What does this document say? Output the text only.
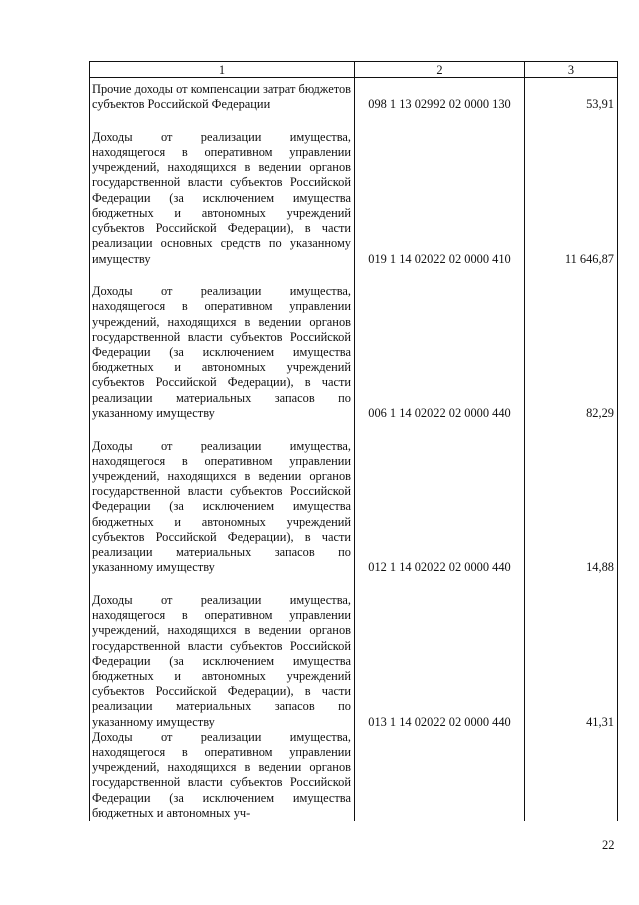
1	2	3
Прочие доходы от компенсации затрат бюджетов субъектов Российской Федерации	098 1 13 02992 02 0000 130	53,91
Доходы от реализации имущества, находящегося в оперативном управлении учреждений, находящихся в ведении органов государственной власти субъектов Российской Федерации (за исключением имущества бюджетных и автономных учреждений субъектов Российской Федерации), в части реализации основных средств по указанному имуществу	019 1 14 02022 02 0000 410	11 646,87
Доходы от реализации имущества, находящегося в оперативном управлении учреждений, находящихся в ведении органов государственной власти субъектов Российской Федерации (за исключением имущества бюджетных и автономных учреждений субъектов Российской Федерации), в части реализации материальных запасов по указанному имуществу	006 1 14 02022 02 0000 440	82,29
Доходы от реализации имущества, находящегося в оперативном управлении учреждений, находящихся в ведении органов государственной власти субъектов Российской Федерации (за исключением имущества бюджетных и автономных учреждений субъектов Российской Федерации), в части реализации материальных запасов по указанному имуществу	012 1 14 02022 02 0000 440	14,88
Доходы от реализации имущества, находящегося в оперативном управлении учреждений, находящихся в ведении органов государственной власти субъектов Российской Федерации (за исключением имущества бюджетных и автономных учреждений субъектов Российской Федерации), в части реализации материальных запасов по указанному имуществу	013 1 14 02022 02 0000 440	41,31
Доходы от реализации имущества, находящегося в оперативном управлении учреждений, находящихся в ведении органов государственной власти субъектов Российской Федерации (за исключением имущества бюджетных и автономных уч-		
22
